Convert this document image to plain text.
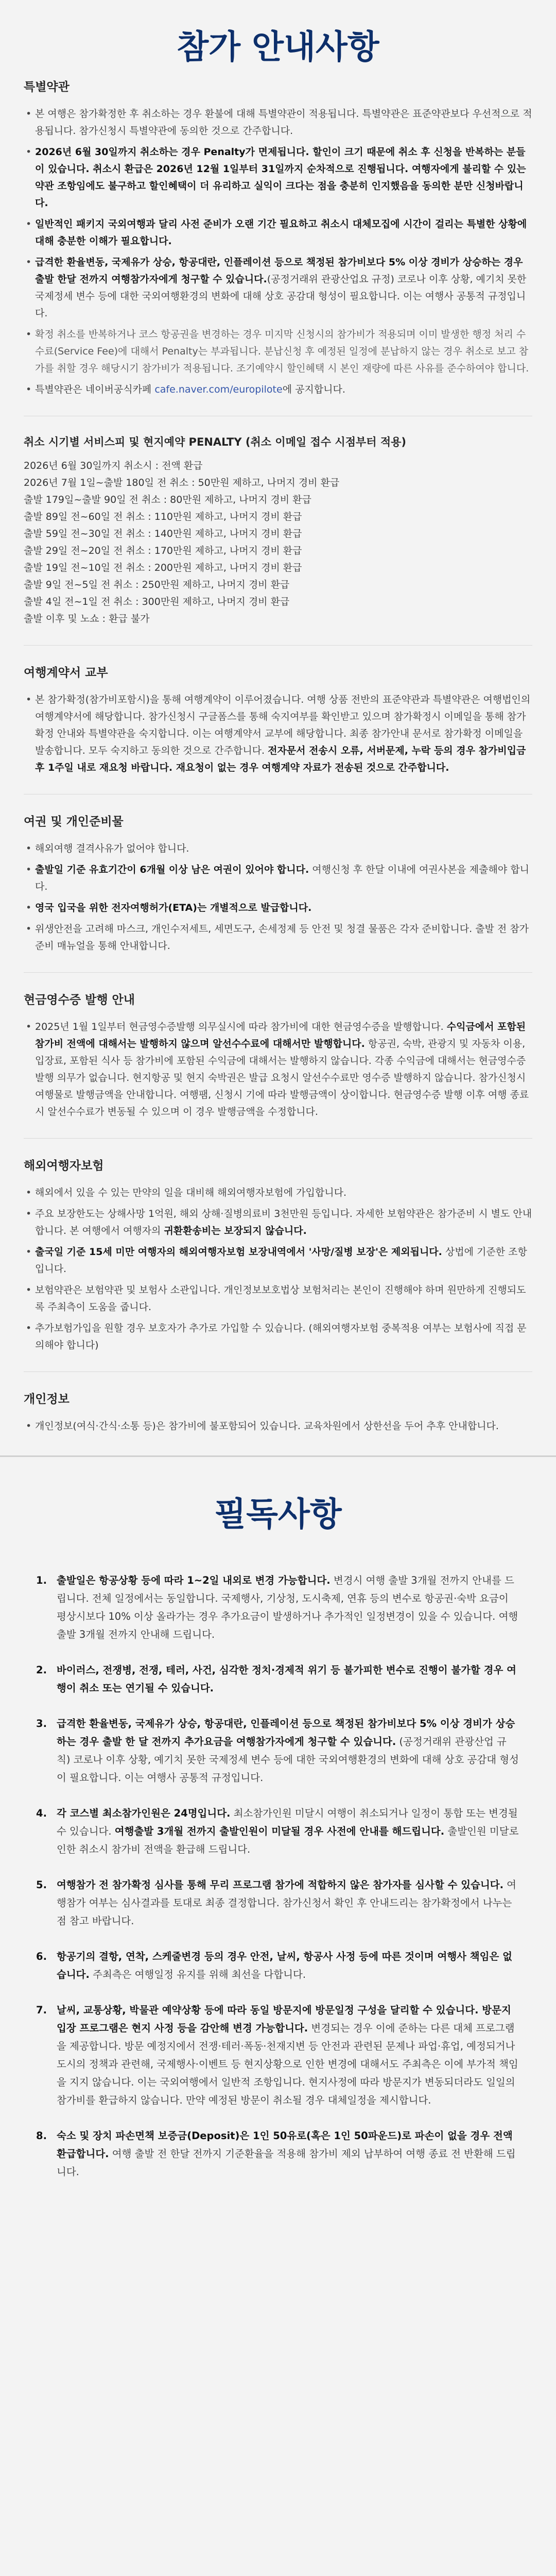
참가 안내사항
특별약관
• 본 여행은 참가확정한 후 취소하는 경우 환불에 대해 특별약관이 적용됩니다. 특별약관은 표준약관보다 우선적으로 적용됩니다. 참가신청시 특별약관에 동의한 것으로 간주합니다.
• 2026년 6월 30일까지 취소하는 경우 Penalty가 면제됩니다. 할인이 크기 때문에 취소 후 신청을 반복하는 분들이 있습니다. 취소시 환급은 2026년 12월 1일부터 31일까지 순차적으로 진행됩니다. 여행자에게 불리할 수 있는 약관 조항임에도 불구하고 할인혜택이 더 유리하고 실익이 크다는 점을 충분히 인지했음을 동의한 분만 신청바랍니다.
• 일반적인 패키지 국외여행과 달리 사전 준비가 오랜 기간 필요하고 취소시 대체모집에 시간이 걸리는 특별한 상황에 대해 충분한 이해가 필요합니다.
• 급격한 환율변동, 국제유가 상승, 항공대란, 인플레이션 등으로 책정된 참가비보다 5% 이상 경비가 상승하는 경우 출발 한달 전까지 여행참가자에게 청구할 수 있습니다.(공정거래위 관광산업요 규정) 코로나 이후 상황, 예기치 못한 국제정세 변수 등에 대한 국외여행환경의 변화에 대해 상호 공감대 형성이 필요합니다. 이는 여행사 공통적 규정입니다.
• 확정 취소를 반복하거나 코스 항공권을 변경하는 경우 미지막 신청시의 참가비가 적용되며 이미 발생한 행정 처리 수수료(Service Fee)에 대해서 Penalty는 부과됩니다. 분납신청 후 예정된 일정에 분납하지 않는 경우 취소로 보고 참가를 취할 경우 해당시기 참가비가 적용됩니다. 조기예약시 할인혜택 시 본인 재량에 따른 사유를 준수하여야 합니다.
• 특별약관은 네이버공식카페 cafe.naver.com/europilote에 공지합니다.
취소 시기별 서비스피 및 현지예약 PENALTY (취소 이메일 접수 시점부터 적용)

2026년 6월 30일까지 취소시 : 전액 환급

2026년 7월 1일~출발 180일 전 취소 : 50만원 제하고, 나머지 경비 환급

출발 179일~출발 90일 전 취소 : 80만원 제하고, 나머지 경비 환급

출발 89일 전~60일 전 취소 : 110만원 제하고, 나머지 경비 환급

출발 59일 전~30일 전 취소 : 140만원 제하고, 나머지 경비 환급

출발 29일 전~20일 전 취소 : 170만원 제하고, 나머지 경비 환급

출발 19일 전~10일 전 취소 : 200만원 제하고, 나머지 경비 환급

출발 9일 전~5일 전 취소 : 250만원 제하고, 나머지 경비 환급

출발 4일 전~1일 전 취소 : 300만원 제하고, 나머지 경비 환급

출발 이후 및 노쇼 : 환급 불가

여행계약서 교부
• 본 참가확정(참가비포함시)을 통해 여행계약이 이루어졌습니다. 여행 상품 전반의 표준약관과 특별약관은 여행법인의 여행계약서에 해당합니다. 참가신청시 구글폼스를 통해 숙지여부를 확인받고 있으며 참가확정시 이메일을 통해 참가확정 안내와 특별약관을 숙지합니다. 이는 여행계약서 교부에 해당합니다. 최종 참가안내 문서로 참가확정 이메일을 발송합니다. 모두 숙지하고 동의한 것으로 간주합니다. 전자문서 전송시 오류, 서버문제, 누락 등의 경우 참가비입금 후 1주일 내로 재요청 바랍니다. 재요청이 없는 경우 여행계약 자료가 전송된 것으로 간주합니다.
여권 및 개인준비물
• 해외여행 결격사유가 없어야 합니다.
• 출발일 기준 유효기간이 6개월 이상 남은 여권이 있어야 합니다. 여행신청 후 한달 이내에 여권사본을 제출해야 합니다.
• 영국 입국을 위한 전자여행허가(ETA)는 개별적으로 발급합니다.
• 위생안전을 고려해 마스크, 개인수저세트, 세면도구, 손세정제 등 안전 및 청결 물품은 각자 준비합니다. 출발 전 참가준비 매뉴얼을 통해 안내합니다.
현금영수증 발행 안내
• 2025년 1월 1일부터 현금영수증발행 의무실시에 따라 참가비에 대한 현금영수증을 발행합니다. 수익금에서 포함된 참가비 전액에 대해서는 발행하지 않으며 알선수수료에 대해서만 발행합니다. 항공권, 숙박, 관광지 및 자동차 이용, 입장료, 포함된 식사 등 참가비에 포함된 수익금에 대해서는 발행하지 않습니다. 각종 수익금에 대해서는 현금영수증 발행 의무가 없습니다. 현지항공 및 현지 숙박권은 발급 요청시 알선수수료만 영수증 발행하지 않습니다. 참가신청시 여행물로 발행금액을 안내합니다. 여행팸, 신청시 기에 따라 발행금액이 상이합니다. 현금영수증 발행 이후 여행 종료시 알선수수료가 변동될 수 있으며 이 경우 발행금액을 수정합니다.
해외여행자보험
• 해외에서 있을 수 있는 만약의 일을 대비해 해외여행자보험에 가입합니다.
• 주요 보장한도는 상해사망 1억원, 해외 상해·질병의료비 3천만원 등입니다. 자세한 보험약관은 참가준비 시 별도 안내합니다. 본 여행에서 여행자의 귀환환송비는 보장되지 않습니다.
• 출국일 기준 15세 미만 여행자의 해외여행자보험 보장내역에서 '사망/질병 보장'은 제외됩니다. 상법에 기준한 조항입니다.
• 보험약관은 보험약관 및 보험사 소관입니다. 개인정보보호법상 보험처리는 본인이 진행해야 하며 원만하게 진행되도록 주최측이 도움을 줍니다.
• 추가보험가입을 원할 경우 보호자가 추가로 가입할 수 있습니다. (해외여행자보험 중복적용 여부는 보험사에 직접 문의해야 합니다)
개인정보
• 개인정보(여식·간식·소통 등)은 참가비에 불포함되어 있습니다. 교육차원에서 상한선을 두어 추후 안내합니다.
필독사항
1. 출발일은 항공상황 등에 따라 1~2일 내외로 변경 가능합니다. 변경시 여행 출발 3개월 전까지 안내를 드립니다. 전체 일정에서는 동일합니다. 국제행사, 기상청, 도시축제, 연휴 등의 변수로 항공권·숙박 요금이 평상시보다 10% 이상 올라가는 경우 추가요금이 발생하거나 추가적인 일정변경이 있을 수 있습니다. 여행출발 3개월 전까지 안내해 드립니다.
2. 바이러스, 전쟁병, 전쟁, 테러, 사건, 심각한 정치·경제적 위기 등 불가피한 변수로 진행이 불가할 경우 여행이 취소 또는 연기될 수 있습니다.
3. 급격한 환율변동, 국제유가 상승, 항공대란, 인플레이션 등으로 책정된 참가비보다 5% 이상 경비가 상승하는 경우 출발 한 달 전까지 추가요금을 여행참가자에게 청구할 수 있습니다. (공정거래위 관광산업 규칙) 코로나 이후 상황, 예기치 못한 국제정세 변수 등에 대한 국외여행환경의 변화에 대해 상호 공감대 형성이 필요합니다. 이는 여행사 공통적 규정입니다.
4. 각 코스별 최소참가인원은 24명입니다. 최소참가인원 미달시 여행이 취소되거나 일정이 통합 또는 변경될 수 있습니다. 여행출발 3개월 전까지 출발인원이 미달될 경우 사전에 안내를 해드립니다. 출발인원 미달로 인한 취소시 참가비 전액을 환급해 드립니다.
5. 여행참가 전 참가확정 심사를 통해 무리 프로그램 참가에 적합하지 않은 참가자를 심사할 수 있습니다. 여행참가 여부는 심사결과를 토대로 최종 결정합니다. 참가신청서 확인 후 안내드리는 참가확정에서 나누는 점 참고 바랍니다.
6. 항공기의 결항, 연착, 스케줄변경 등의 경우 안전, 날씨, 항공사 사정 등에 따른 것이며 여행사 책임은 없습니다. 주최측은 여행일정 유지를 위해 최선을 다합니다.
7. 날씨, 교통상황, 박물관 예약상황 등에 따라 동일 방문지에 방문일정 구성을 달리할 수 있습니다. 방문지 입장 프로그램은 현지 사정 등을 감안해 변경 가능합니다. 변경되는 경우 이에 준하는 다른 대체 프로그램을 제공합니다. 방문 예정지에서 전쟁·테러·폭동·천재지변 등 안전과 관련된 문제나 파업·휴업, 예정되거나 도시의 정책과 관련해, 국제행사·이벤트 등 현지상황으로 인한 변경에 대해서도 주최측은 이에 부가적 책임을 지지 않습니다. 이는 국외여행에서 일반적 조항입니다. 현지사정에 따라 방문지가 변동되더라도 일일의 참가비를 환급하지 않습니다. 만약 예정된 방문이 취소될 경우 대체일정을 제시합니다.
8. 숙소 및 장치 파손면책 보증금(Deposit)은 1인 50유로(혹은 1인 50파운드)로 파손이 없을 경우 전액 환급합니다. 여행 출발 전 한달 전까지 기준환율을 적용해 참가비 제외 납부하여 여행 종료 전 반환해 드립니다.
